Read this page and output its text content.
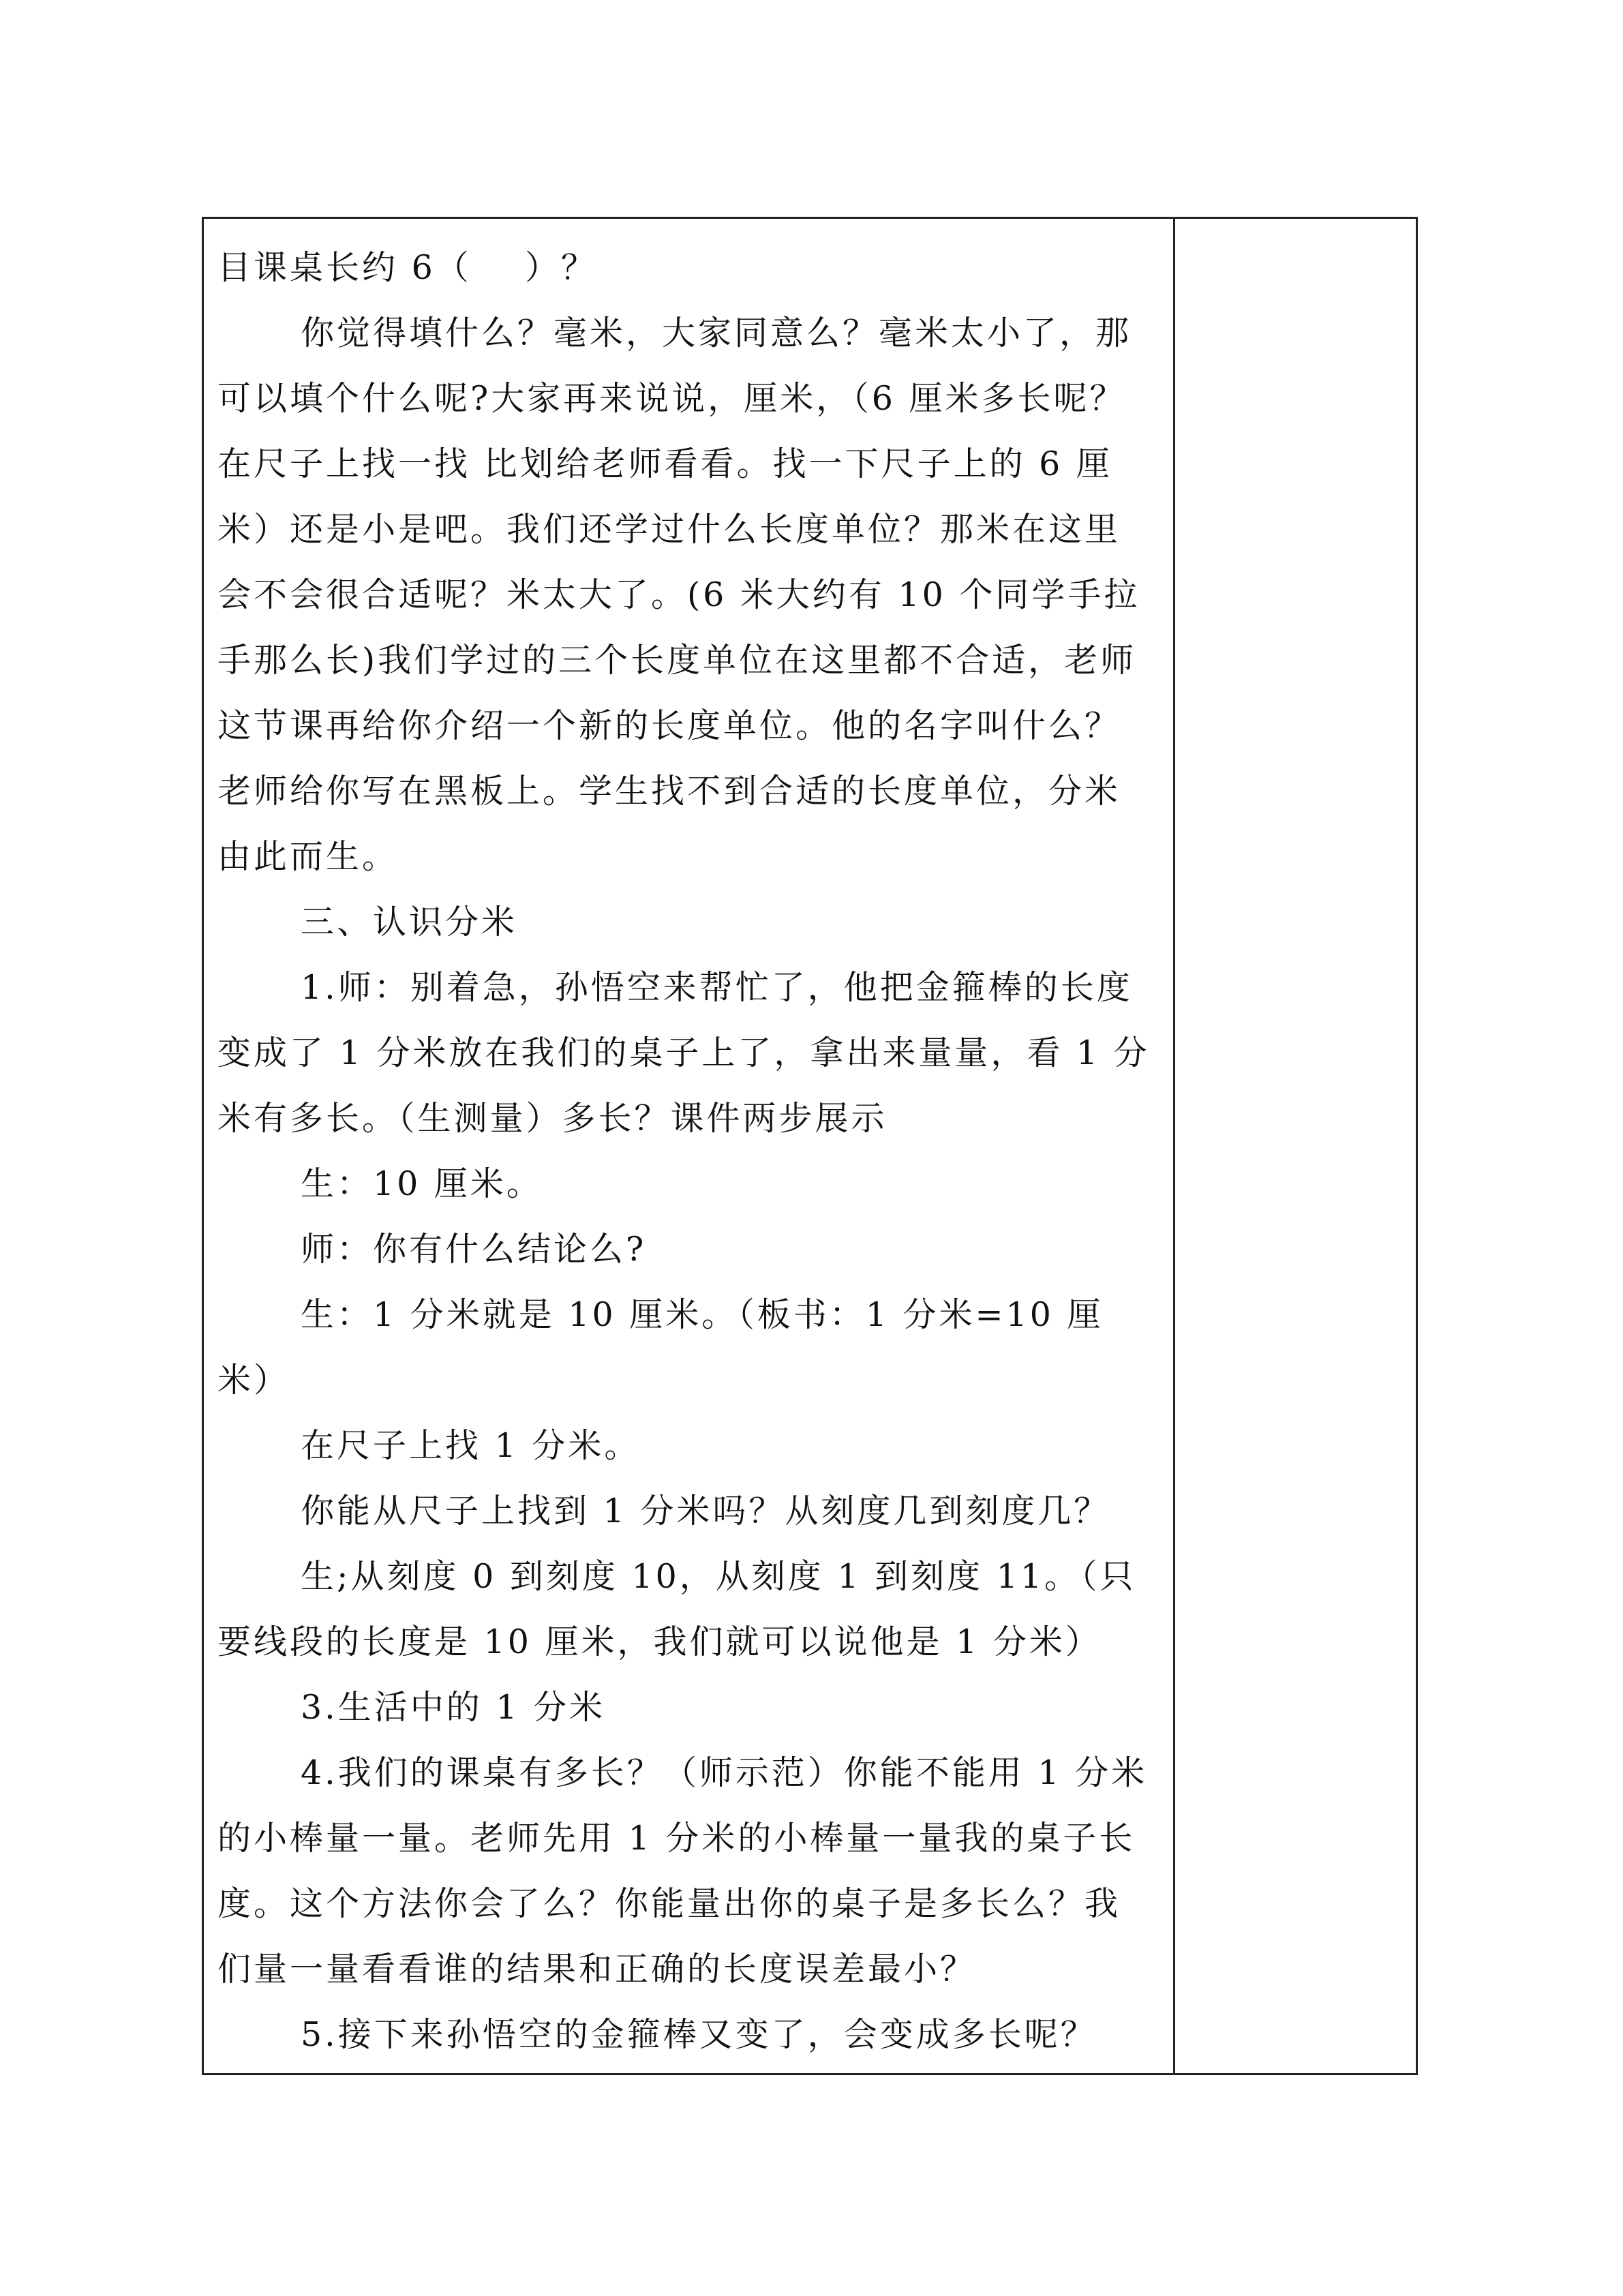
目课桌长约 6（    ）？

你觉得填什么？毫米，大家同意么？毫米太小了，那可以填个什么呢?大家再来说说，厘米，（6 厘米多长呢？在尺子上找一找 比划给老师看看。找一下尺子上的 6 厘米）还是小是吧。我们还学过什么长度单位？那米在这里会不会很合适呢？米太大了。(6 米大约有 10 个同学手拉手那么长)我们学过的三个长度单位在这里都不合适，老师这节课再给你介绍一个新的长度单位。他的名字叫什么？老师给你写在黑板上。学生找不到合适的长度单位，分米由此而生。

三、认识分米

1.师：别着急，孙悟空来帮忙了，他把金箍棒的长度变成了 1 分米放在我们的桌子上了，拿出来量量，看 1 分米有多长。（生测量）多长？课件两步展示

生：10 厘米。

师：你有什么结论么?

生：1 分米就是 10 厘米。（板书：1 分米=10 厘米）

在尺子上找 1 分米。

你能从尺子上找到 1 分米吗？从刻度几到刻度几？

生;从刻度 0 到刻度 10，从刻度 1 到刻度 11。（只要线段的长度是 10 厘米，我们就可以说他是 1 分米）

3.生活中的 1 分米

4.我们的课桌有多长？（师示范）你能不能用 1 分米的小棒量一量。老师先用 1 分米的小棒量一量我的桌子长度。这个方法你会了么？你能量出你的桌子是多长么？我们量一量看看谁的结果和正确的长度误差最小？

5.接下来孙悟空的金箍棒又变了，会变成多长呢？
